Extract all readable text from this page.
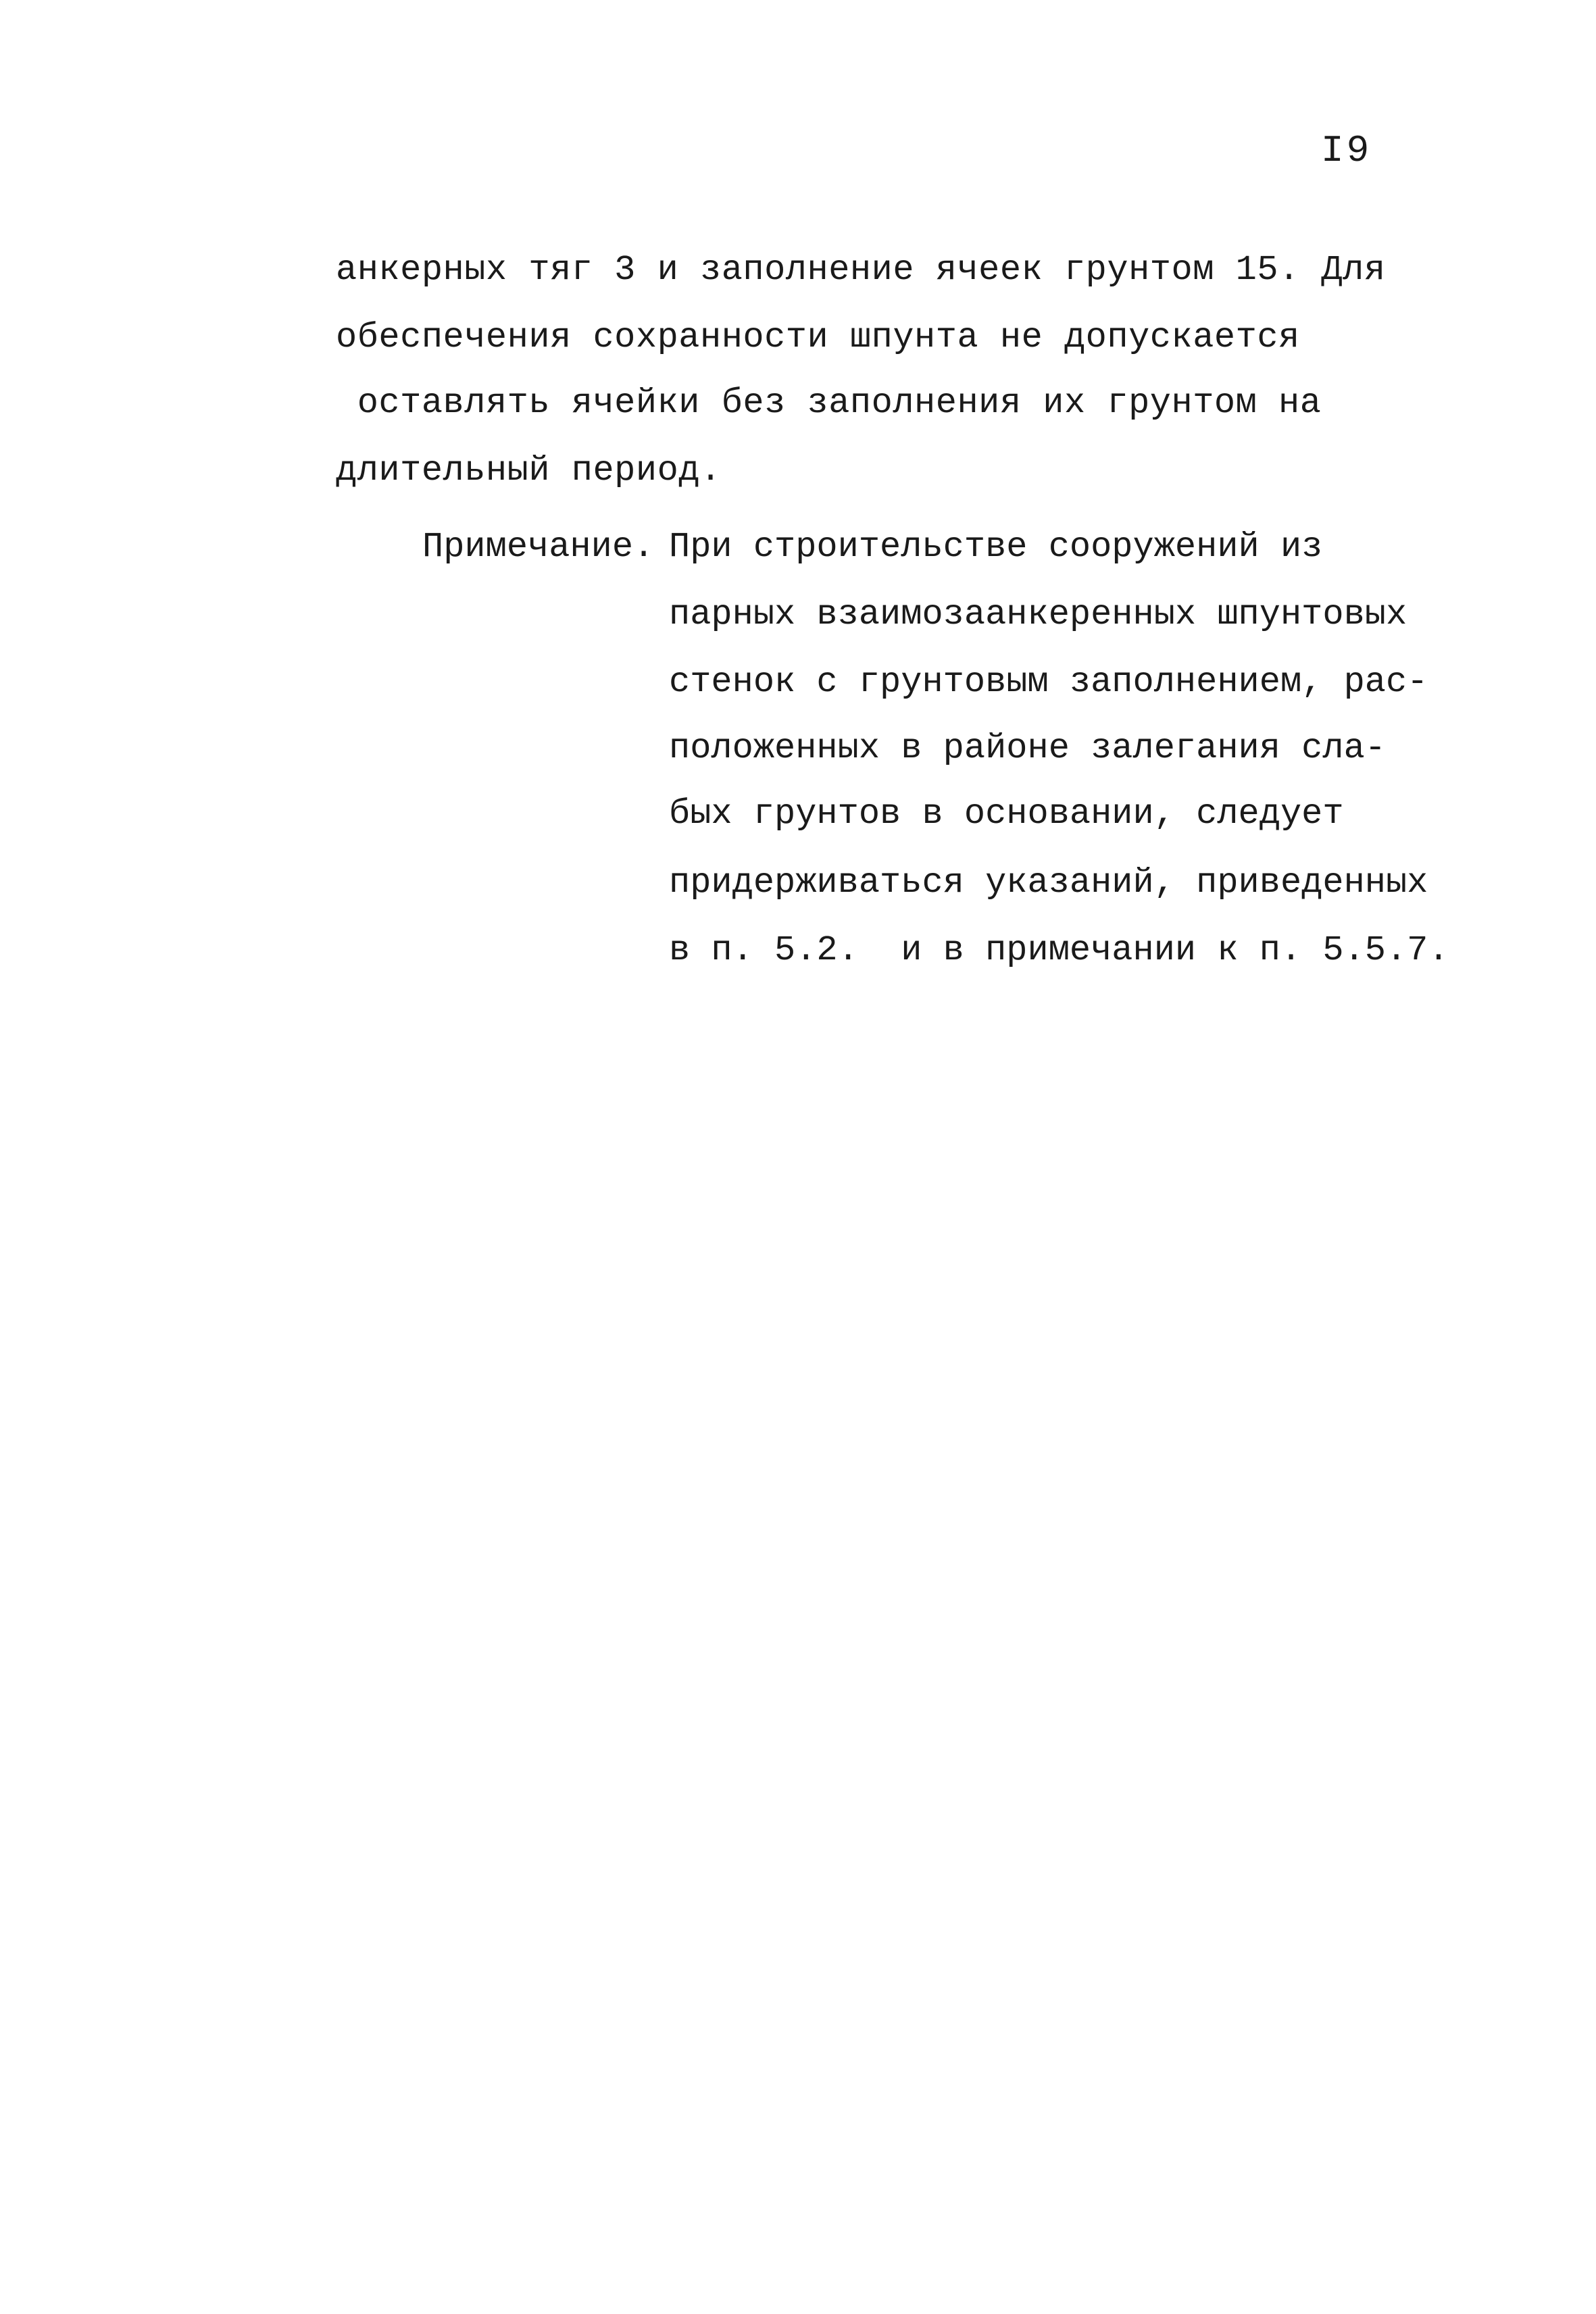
I9
анкерных тяг 3 и заполнение ячеек грунтом 15. Для
обеспечения сохранности шпунта не допускается
оставлять ячейки без заполнения их грунтом на
длительный период.
Примечание. При строительстве сооружений из
парных взаимозаанкеренных шпунтовых
стенок с грунтовым заполнением, рас-
положенных в районе залегания сла-
бых грунтов в основании, следует
придерживаться указаний, приведенных
в п. 5.2.  и в примечании к п. 5.5.7.
